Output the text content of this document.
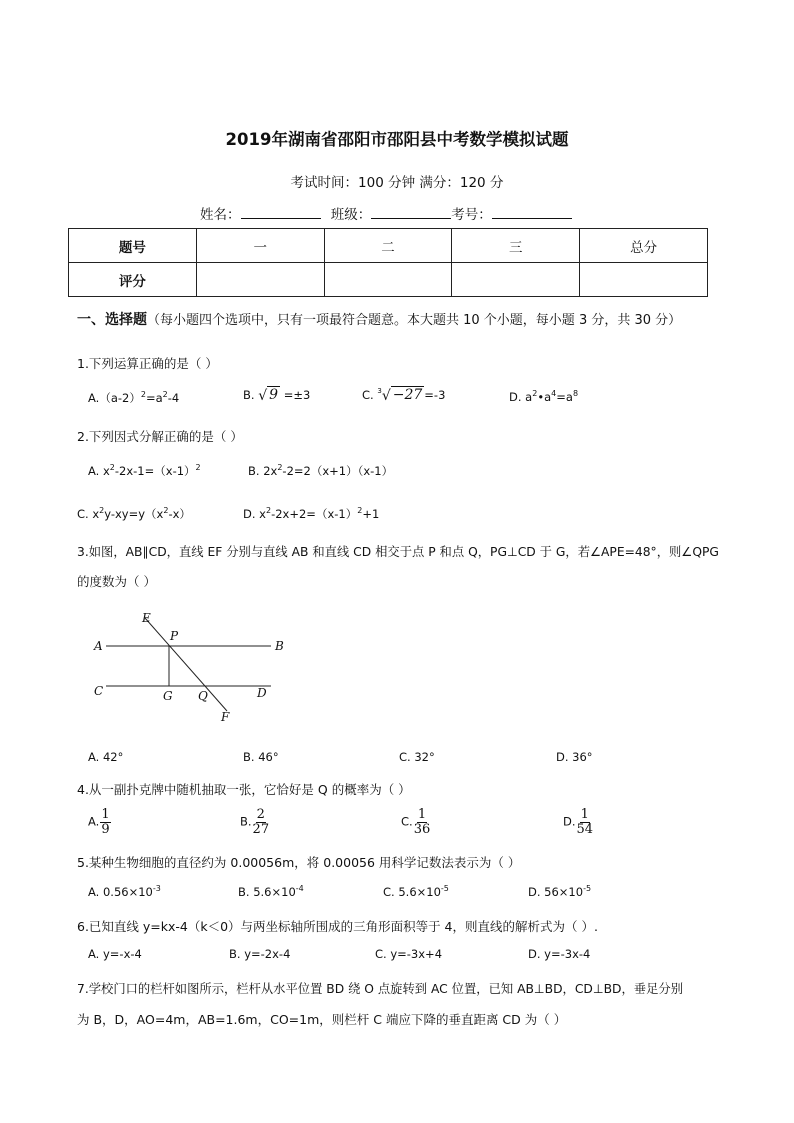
2019年湖南省邵阳市邵阳县中考数学模拟试题
考试时间：100 分钟 满分：120 分
姓名：	班级：	考号：
题号	一	二	三	总分
评分				
一、选择题（每小题四个选项中，只有一项最符合题意。本大题共 10 个小题，每小题 3 分，共 30 分）
1.下列运算正确的是（ ）
$A.(a-2)^2=a^2-4$	B. √ 9 =±3	C. $^3$√ −27 =-3	D. $a^2•a^4=a^8$
2.下列因式分解正确的是（ ）
A. $x^2-2x-1=(x-1)^2$	B. $2x^2-2=2(x+1)(x-1)$
C. $x^2y-xy=y(x^2-x)$	D. $x^2-2x+2=(x-1)^2+1$
3.如图，AB∥CD，直线 EF 分别与直线 AB 和直线 CD 相交于点 P 和点 Q，PG⊥CD 于 G，若∠APE=48°，则∠QPG
的度数为（ ）
E
P
A	B
C	G Q	D
F
A. 42°	B. 46°	C. 32°	D. 36°
4.从一副扑克牌中随机抽取一张，它恰好是 Q 的概率为（ ）
A. $\frac{1}{9}$	B. $\frac{2}{27}$	C. $\frac{1}{36}$	D. $\frac{1}{54}$
5.某种生物细胞的直径约为 0.00056m，将 0.00056 用科学记数法表示为（ ）
A. $0.56\times 10^{-3}$	B. $5.6\times 10^{-4}$	C. $5.6\times 10^{-5}$	D. $56\times 10^{-5}$
6.已知直线 y=kx-4（k＜0）与两坐标轴所围成的三角形面积等于 4，则直线的解析式为（ ）.
A. y=-x-4	B. y=-2x-4	C. y=-3x+4	D. y=-3x-4
7.学校门口的栏杆如图所示，栏杆从水平位置 BD 绕 O 点旋转到 AC 位置，已知 AB⊥BD，CD⊥BD，垂足分别
为 B，D，AO=4m，AB=1.6m，CO=1m，则栏杆 C 端应下降的垂直距离 CD 为（ ）
